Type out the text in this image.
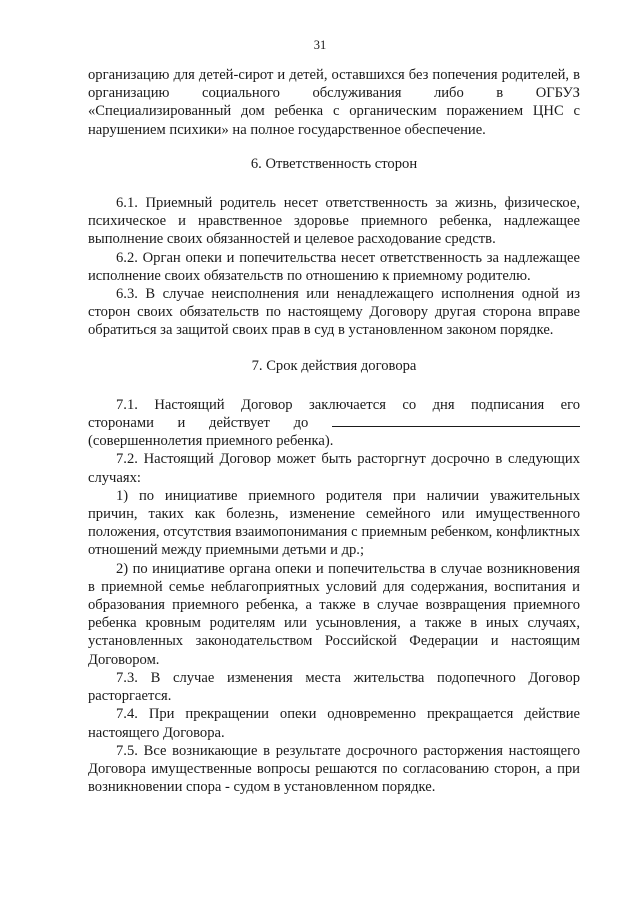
31

организацию для детей-сирот и детей, оставшихся без попечения родителей, в организацию социального обслуживания либо в ОГБУЗ «Специализированный дом ребенка с органическим поражением ЦНС с нарушением психики» на полное государственное обеспечение.

6. Ответственность сторон

6.1. Приемный родитель несет ответственность за жизнь, физическое, психическое и нравственное здоровье приемного ребенка, надлежащее выполнение своих обязанностей и целевое расходование средств.

6.2. Орган опеки и попечительства несет ответственность за надлежащее исполнение своих обязательств по отношению к приемному родителю.

6.3. В случае неисполнения или ненадлежащего исполнения одной из сторон своих обязательств по настоящему Договору другая сторона вправе обратиться за защитой своих прав в суд в установленном законом порядке.

7. Срок действия договора

7.1. Настоящий Договор заключается со дня подписания его

сторонами и действует до

(совершеннолетия приемного ребенка).

7.2. Настоящий Договор может быть расторгнут досрочно в следующих случаях:

1) по инициативе приемного родителя при наличии уважительных причин, таких как болезнь, изменение семейного или имущественного положения, отсутствия взаимопонимания с приемным ребенком, конфликтных отношений между приемными детьми и др.;

2) по инициативе органа опеки и попечительства в случае возникновения в приемной семье неблагоприятных условий для содержания, воспитания и образования приемного ребенка, а также в случае возвращения приемного ребенка кровным родителям или усыновления, а также в иных случаях, установленных законодательством Российской Федерации и настоящим Договором.

7.3. В случае изменения места жительства подопечного Договор расторгается.

7.4. При прекращении опеки одновременно прекращается действие настоящего Договора.

7.5. Все возникающие в результате досрочного расторжения настоящего Договора имущественные вопросы решаются по согласованию сторон, а при возникновении спора - судом в установленном порядке.
